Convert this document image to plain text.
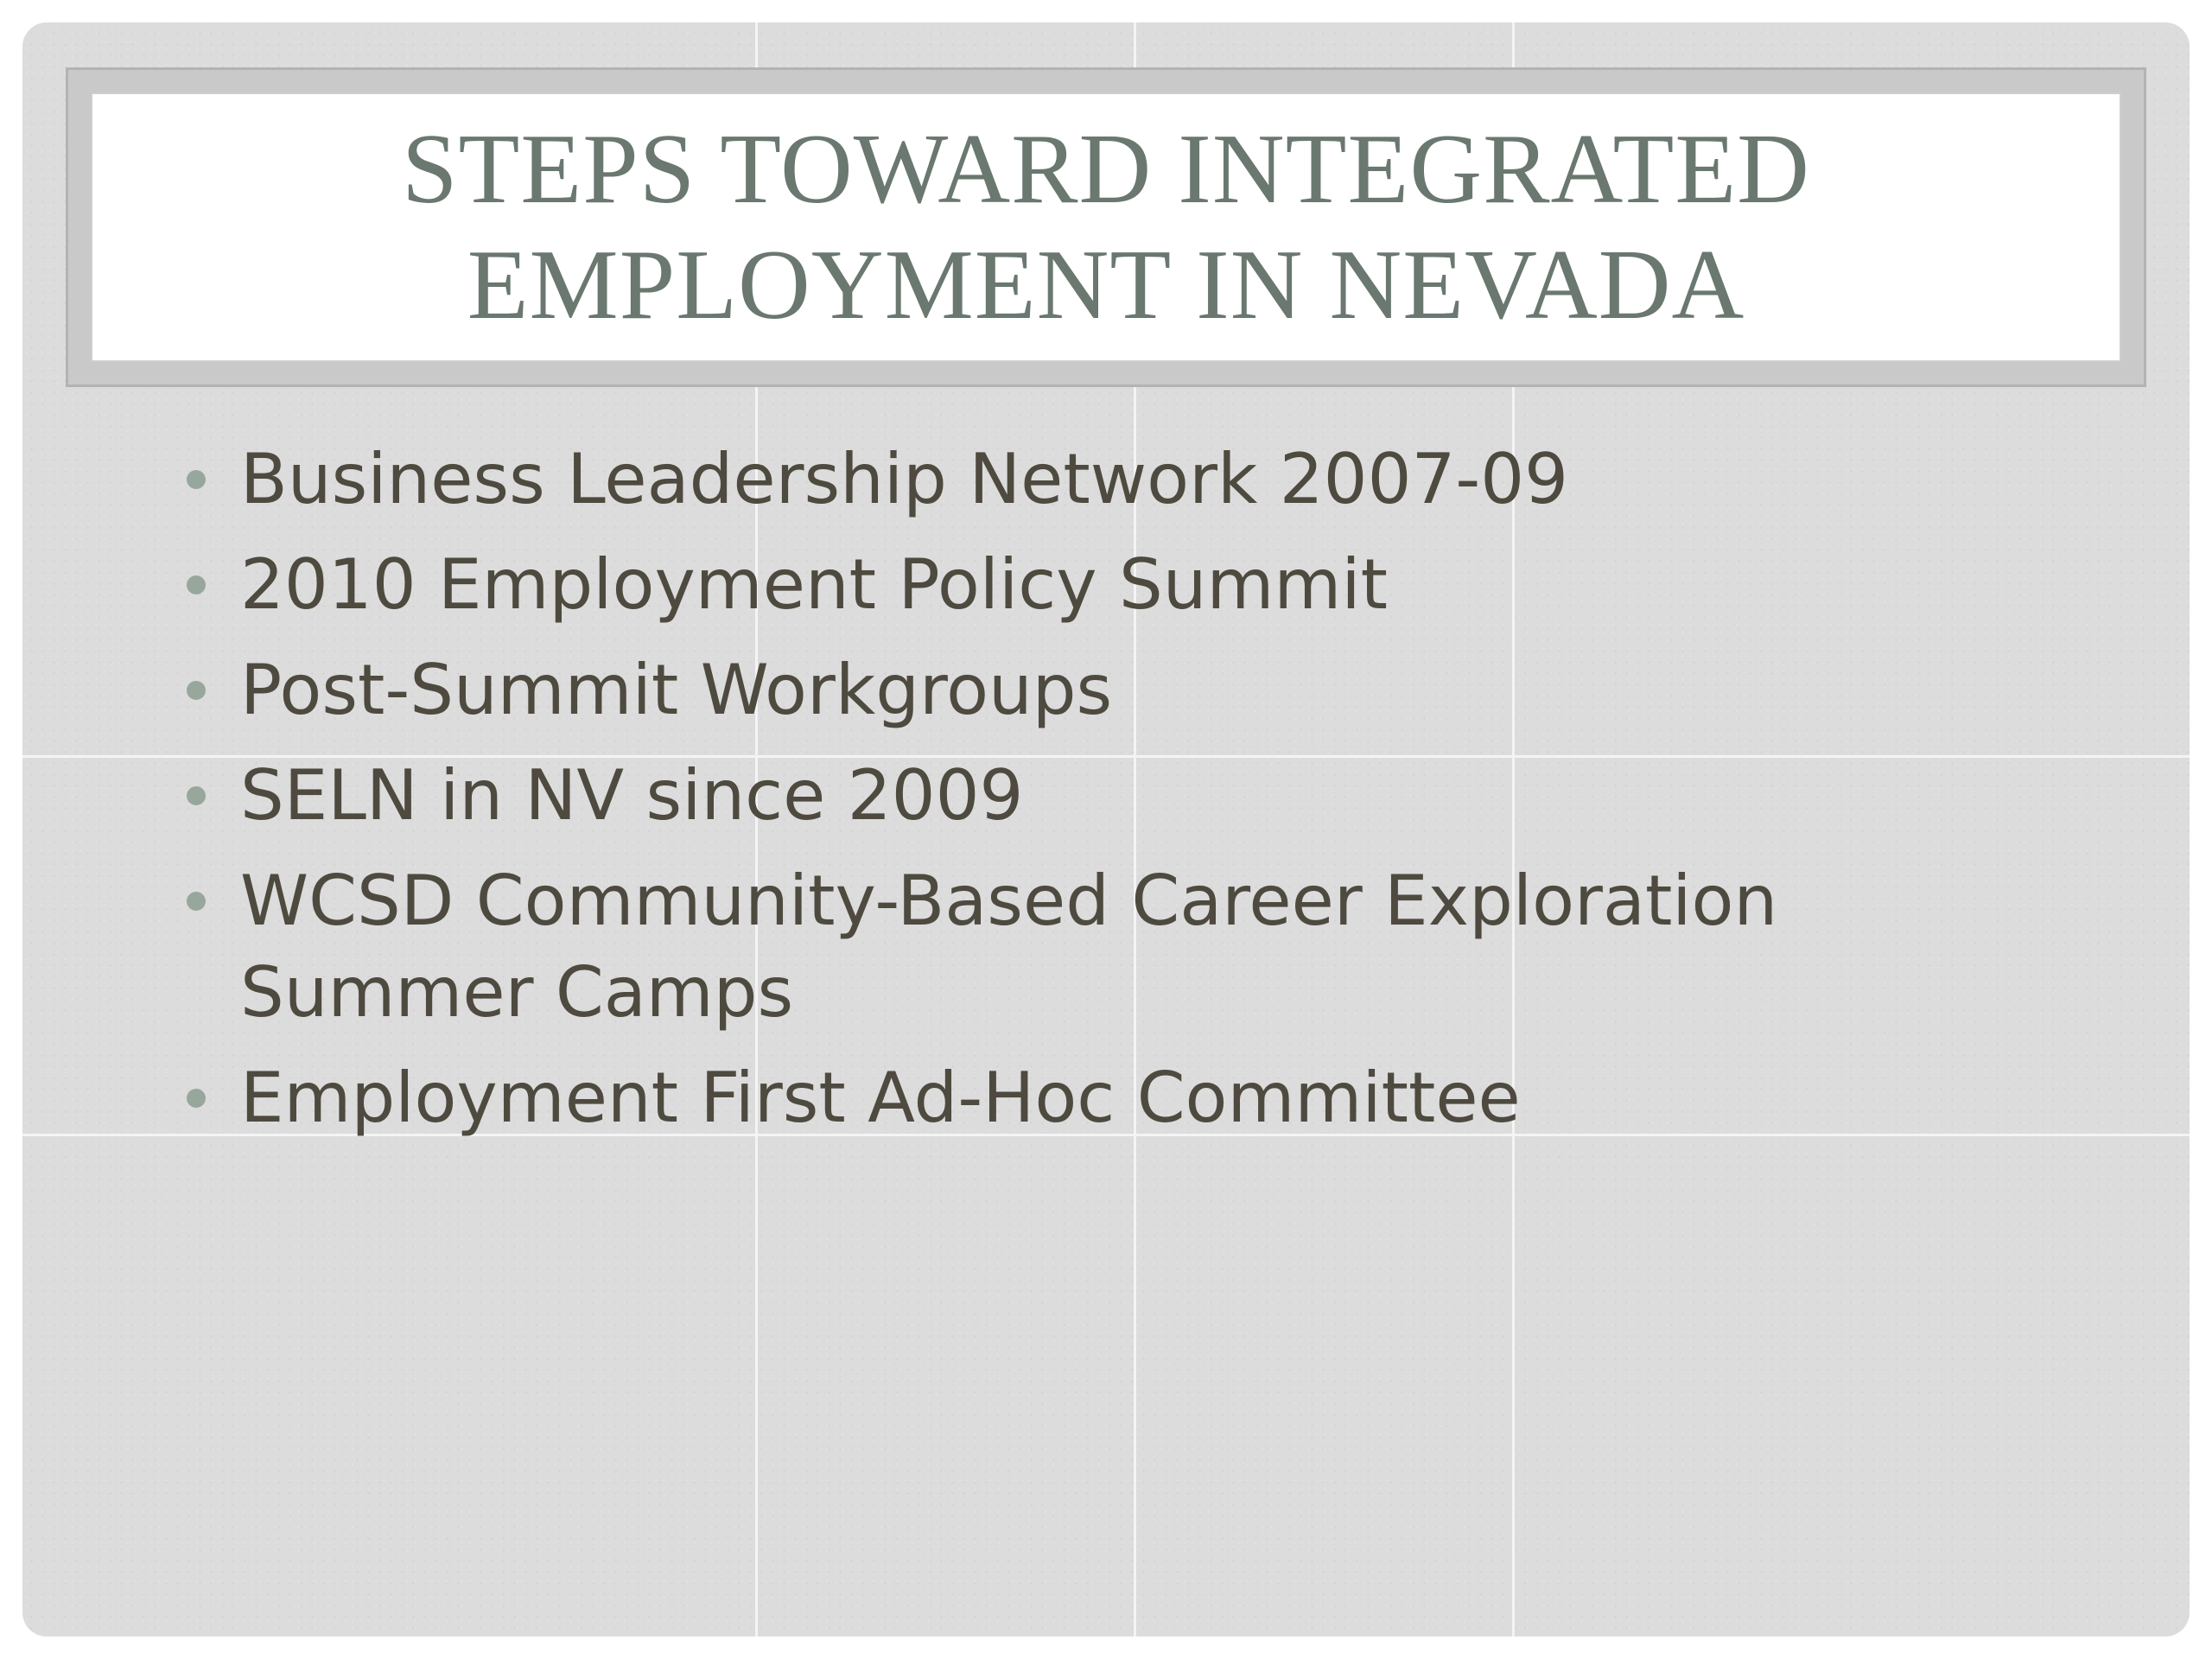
STEPS TOWARD INTEGRATED
EMPLOYMENT IN NEVADA
Business Leadership Network 2007-09
2010 Employment Policy Summit
Post-Summit Workgroups
SELN in NV since 2009
WCSD Community-Based Career Exploration Summer Camps
Employment First Ad-Hoc Committee
